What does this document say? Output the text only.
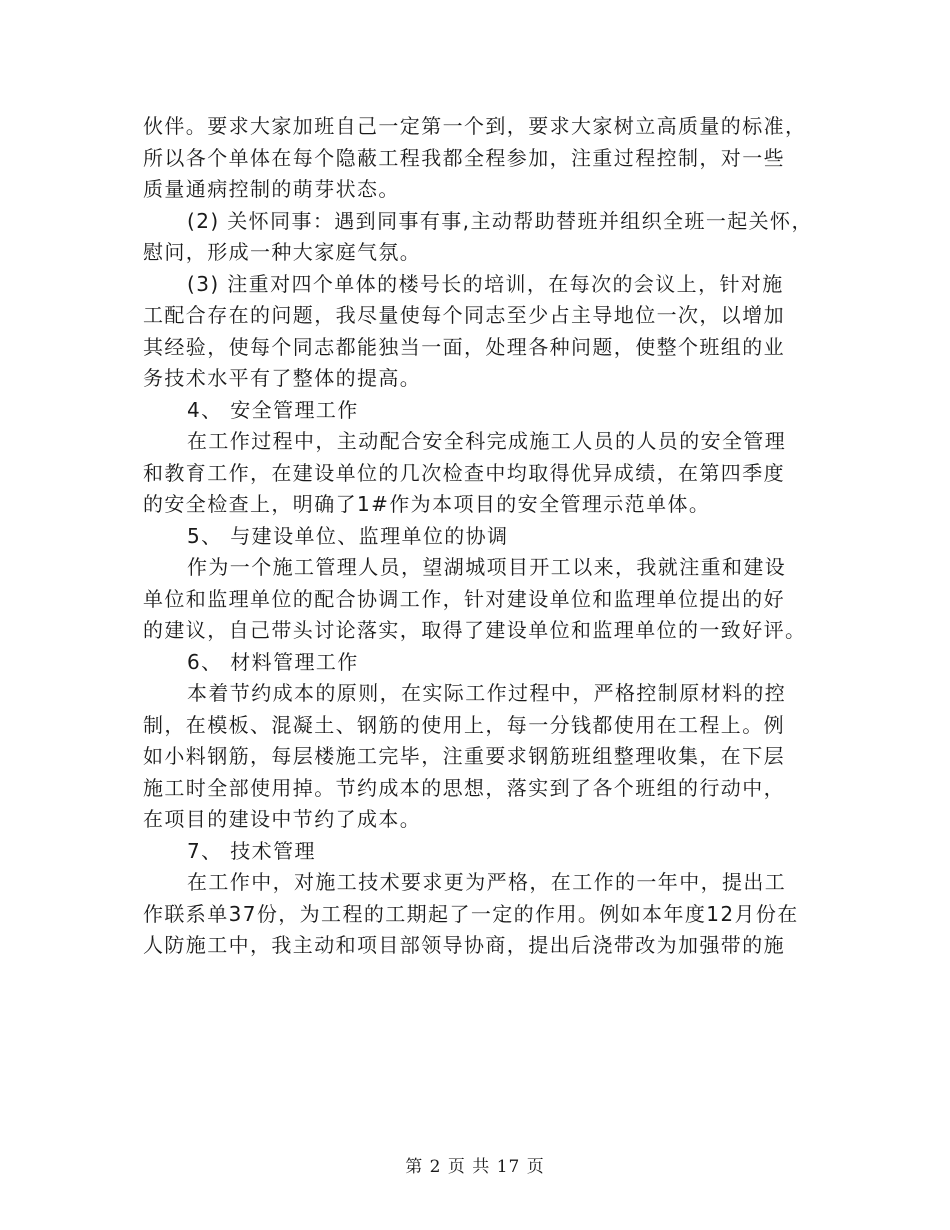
伙伴。要求大家加班自己一定第一个到，要求大家树立高质量的标准，

所以各个单体在每个隐蔽工程我都全程参加，注重过程控制，对一些

质量通病控制的萌芽状态。

(2) 关怀同事：遇到同事有事,主动帮助替班并组织全班一起关怀，

慰问，形成一种大家庭气氛。

(3) 注重对四个单体的楼号长的培训，在每次的会议上，针对施

工配合存在的问题，我尽量使每个同志至少占主导地位一次，以增加

其经验，使每个同志都能独当一面，处理各种问题，使整个班组的业

务技术水平有了整体的提高。

4、 安全管理工作

在工作过程中，主动配合安全科完成施工人员的人员的安全管理

和教育工作，在建设单位的几次检查中均取得优异成绩，在第四季度

的安全检查上，明确了1#作为本项目的安全管理示范单体。

5、 与建设单位、监理单位的协调

作为一个施工管理人员，望湖城项目开工以来，我就注重和建设

单位和监理单位的配合协调工作，针对建设单位和监理单位提出的好

的建议，自己带头讨论落实，取得了建设单位和监理单位的一致好评。

6、 材料管理工作

本着节约成本的原则，在实际工作过程中，严格控制原材料的控

制，在模板、混凝土、钢筋的使用上，每一分钱都使用在工程上。例

如小料钢筋，每层楼施工完毕，注重要求钢筋班组整理收集，在下层

施工时全部使用掉。节约成本的思想，落实到了各个班组的行动中，

在项目的建设中节约了成本。

7、 技术管理

在工作中，对施工技术要求更为严格，在工作的一年中，提出工

作联系单37份，为工程的工期起了一定的作用。例如本年度12月份在

人防施工中，我主动和项目部领导协商，提出后浇带改为加强带的施

第 2 页 共 17 页
